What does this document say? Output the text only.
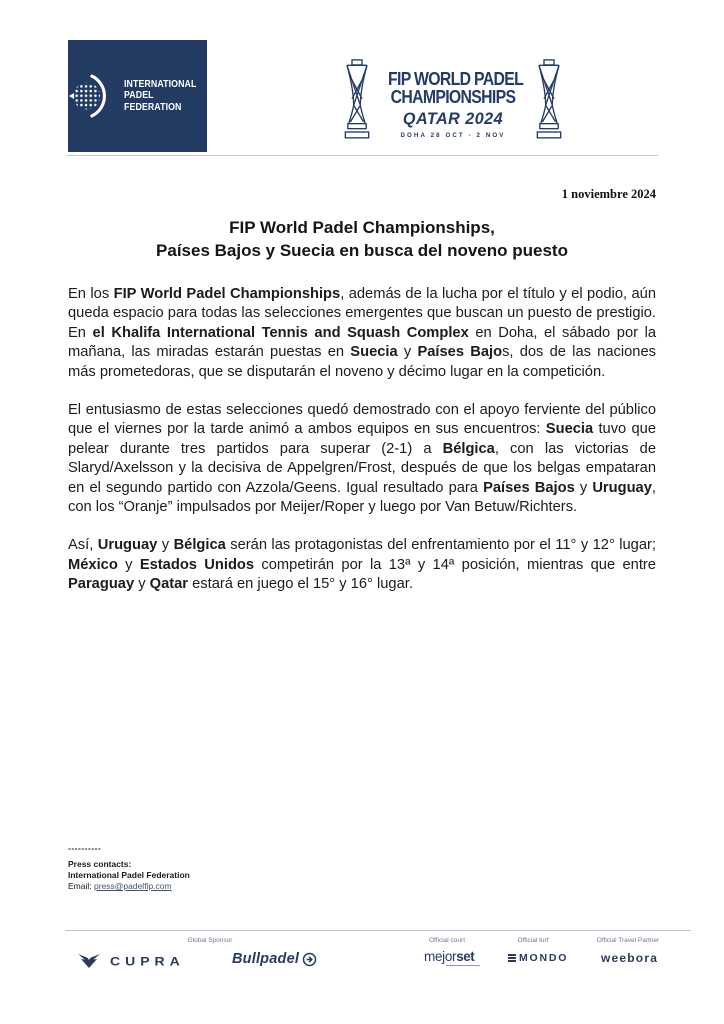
INTERNATIONAL
PADEL
FEDERATION
FIP WORLD PADEL
CHAMPIONSHIPS
QATAR 2024
DOHA 28 OCT - 2 NOV
1 noviembre 2024
FIP World Padel Championships,
Países Bajos y Suecia en busca del noveno puesto

En los FIP World Padel Championships, además de la lucha por el título y el podio, aún queda espacio para todas las selecciones emergentes que buscan un puesto de prestigio. En el Khalifa International Tennis and Squash Complex en Doha, el sábado por la mañana, las miradas estarán puestas en Suecia y Países Bajos, dos de las naciones más prometedoras, que se disputarán el noveno y décimo lugar en la competición.

El entusiasmo de estas selecciones quedó demostrado con el apoyo ferviente del público que el viernes por la tarde animó a ambos equipos en sus encuentros: Suecia tuvo que pelear durante tres partidos para superar (2-1) a Bélgica, con las victorias de Slaryd/Axelsson y la decisiva de Appelgren/Frost, después de que los belgas empataran en el segundo partido con Azzola/Geens. Igual resultado para Países Bajos y Uruguay, con los “Oranje” impulsados por Meijer/Roper y luego por Van Betuw/Richters.

Así, Uruguay y Bélgica serán las protagonistas del enfrentamiento por el 11° y 12° lugar; México y Estados Unidos competirán por la 13ª y 14ª posición, mientras que entre Paraguay y Qatar estará en juego el 15° y 16° lugar.

----------
Press contacts:
International Padel Federation
Email: press@padelfip.com
Global Sponsor	Official court	Official turf	Official Travel Partner
CUPRA	Bullpadel	mejorset	MONDO	weebora
